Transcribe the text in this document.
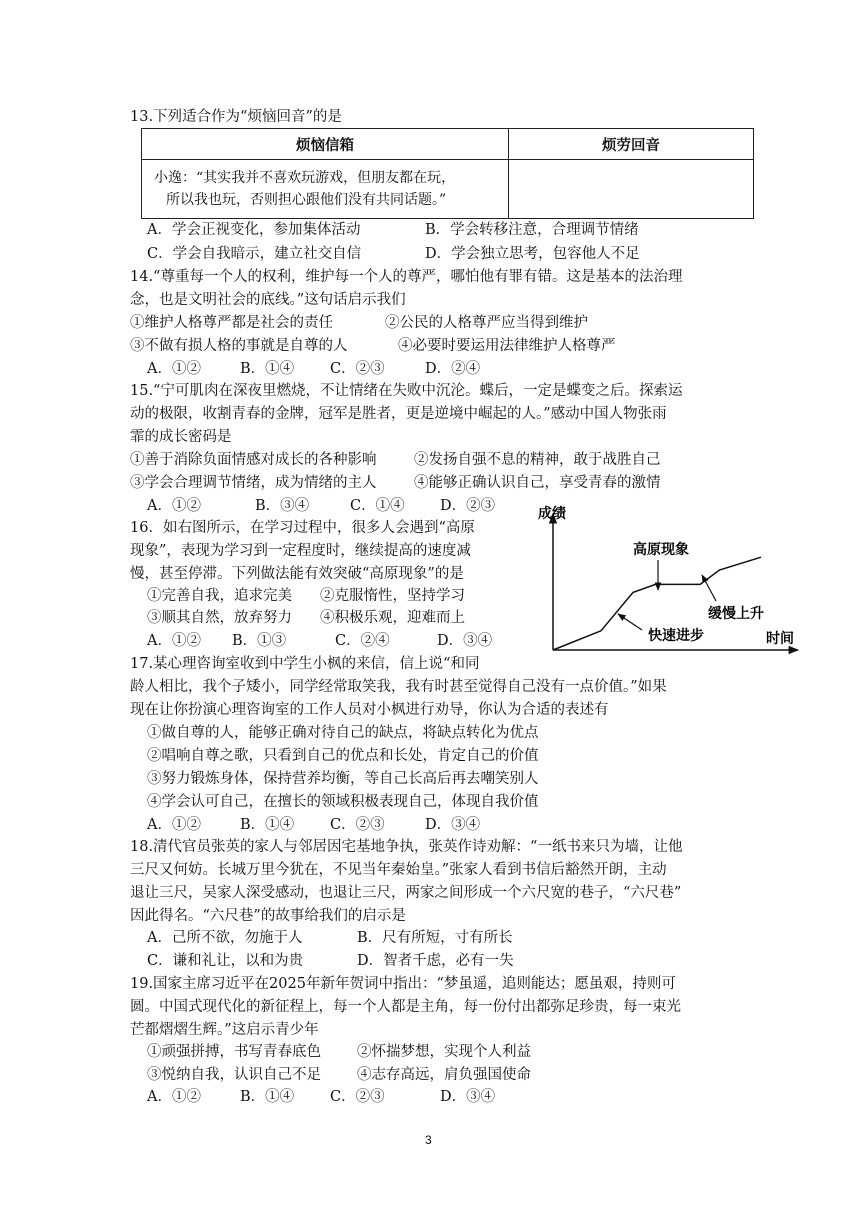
13.下列适合作为“烦恼回音”的是
烦恼信箱	烦劳回音

小逸：“其实我并不喜欢玩游戏，但朋友都在玩，
所以我也玩，否则担心跟他们没有共同话题。”	

A．学会正视变化，参加集体活动	B．学会转移注意，合理调节情绪
C．学会自我暗示，建立社交自信	D．学会独立思考，包容他人不足
14.“尊重每一个人的权利，维护每一个人的尊严，哪怕他有罪有错。这是基本的法治理
念，也是文明社会的底线。”这句话启示我们
①维护人格尊严都是社会的责任	②公民的人格尊严应当得到维护
③不做有损人格的事就是自尊的人	④必要时要运用法律维护人格尊严
A．①②	B．①④ C．②③	D．②④
15.“宁可肌肉在深夜里燃烧，不让情绪在失败中沉沦。蝶后，一定是蝶变之后。探索运
动的极限，收割青春的金牌，冠军是胜者，更是逆境中崛起的人。”感动中国人物张雨
霏的成长密码是
①善于消除负面情感对成长的各种影响	②发扬自强不息的精神，敢于战胜自己
③学会合理调节情绪，成为情绪的主人	④能够正确认识自己，享受青春的激情
A．①②	B．③④	C．①④ D．②③
16．如右图所示，在学习过程中，很多人会遇到“高原
现象”，表现为学习到一定程度时，继续提高的速度减
慢，甚至停滞。下列做法能有效突破“高原现象”的是
①完善自我，追求完美 ②克服惰性，坚持学习
③顺其自然，放弃努力 ④积极乐观，迎难而上
A．①② B．①③	C．②④	D．③④
成绩
时间
高原现象
缓慢上升
快速进步
17.某心理咨询室收到中学生小枫的来信，信上说“和同
龄人相比，我个子矮小，同学经常取笑我，我有时甚至觉得自己没有一点价值。”如果
现在让你扮演心理咨询室的工作人员对小枫进行劝导，你认为合适的表述有
①做自尊的人，能够正确对待自己的缺点，将缺点转化为优点
②唱响自尊之歌，只看到自己的优点和长处，肯定自己的价值
③努力锻炼身体，保持营养均衡，等自己长高后再去嘲笑别人
④学会认可自己，在擅长的领域积极表现自己，体现自我价值
A．①②	B．①④ C．②③	D．③④
18.清代官员张英的家人与邻居因宅基地争执，张英作诗劝解：“一纸书来只为墙，让他
三尺又何妨。长城万里今犹在，不见当年秦始皇。”张家人看到书信后豁然开朗，主动
退让三尺，吴家人深受感动，也退让三尺，两家之间形成一个六尺宽的巷子，“六尺巷”
因此得名。“六尺巷”的故事给我们的启示是
A．己所不欲，勿施于人	B．尺有所短，寸有所长
C．谦和礼让，以和为贵	D．智者千虑，必有一失
19.国家主席习近平在2025年新年贺词中指出：“梦虽遥，追则能达；愿虽艰，持则可
圆。中国式现代化的新征程上，每一个人都是主角，每一份付出都弥足珍贵，每一束光
芒都熠熠生辉。”这启示青少年
①顽强拼搏，书写青春底色 ②怀揣梦想，实现个人利益
③悦纳自我，认识自己不足 ④志存高远，肩负强国使命
A．①②	B．①④ C．②③	D．③④
3
